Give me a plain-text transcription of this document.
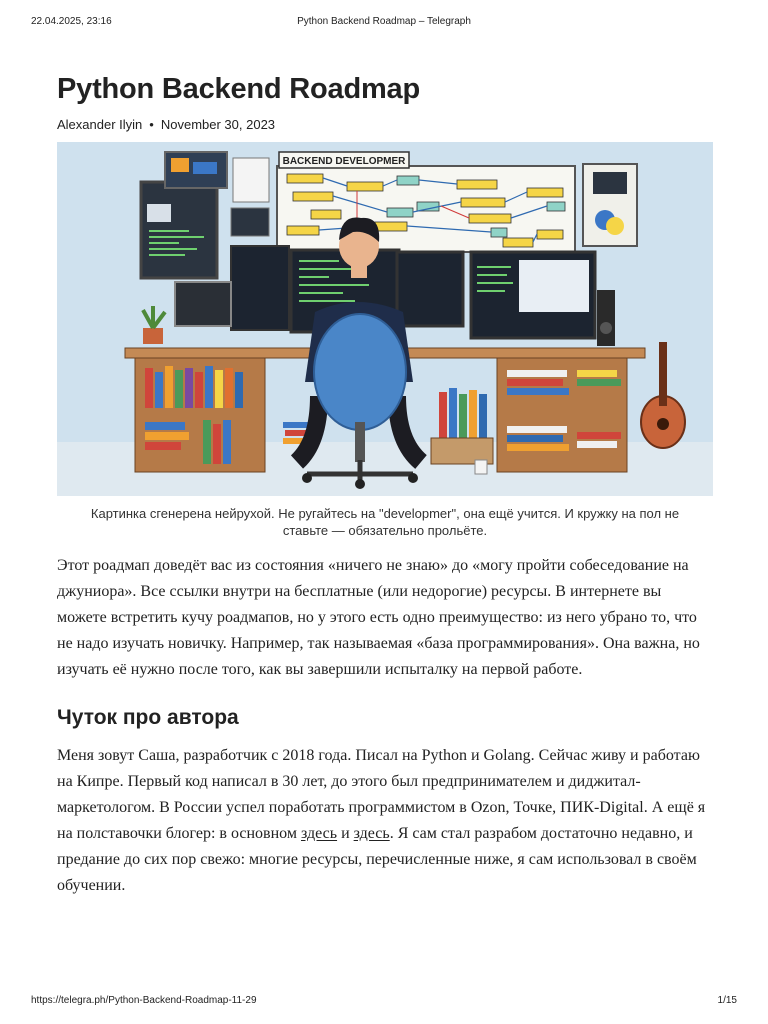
22.04.2025, 23:16	Python Backend Roadmap – Telegraph
Python Backend Roadmap
Alexander Ilyin • November 30, 2023
BACKEND DEVELOPMER
Картинка сгенерена нейрухой. Не ругайтесь на "developmer", она ещё учится. И кружку на пол не ставьте — обязательно прольёте.

Этот роадмап доведёт вас из состояния «ничего не знаю» до «могу пройти собеседование на джуниора». Все ссылки внутри на бесплатные (или недорогие) ресурсы. В интернете вы можете встретить кучу роадмапов, но у этого есть одно преимущество: из него убрано то, что не надо изучать новичку. Например, так называемая «база программирования». Она важна, но изучать её нужно после того, как вы завершили испыталку на первой работе.

Чуток про автора

Меня зовут Саша, разработчик с 2018 года. Писал на Python и Golang. Сейчас живу и работаю на Кипре. Первый код написал в 30 лет, до этого был предпринимателем и диджитал-маркетологом. В России успел поработать программистом в Ozon, Точке, ПИК-Digital. А ещё я на полставочки блогер: в основном здесь и здесь. Я сам стал разрабом достаточно недавно, и предание до сих пор свежо: многие ресурсы, перечисленные ниже, я сам использовал в своём обучении.

https://telegra.ph/Python-Backend-Roadmap-11-29	1/15
